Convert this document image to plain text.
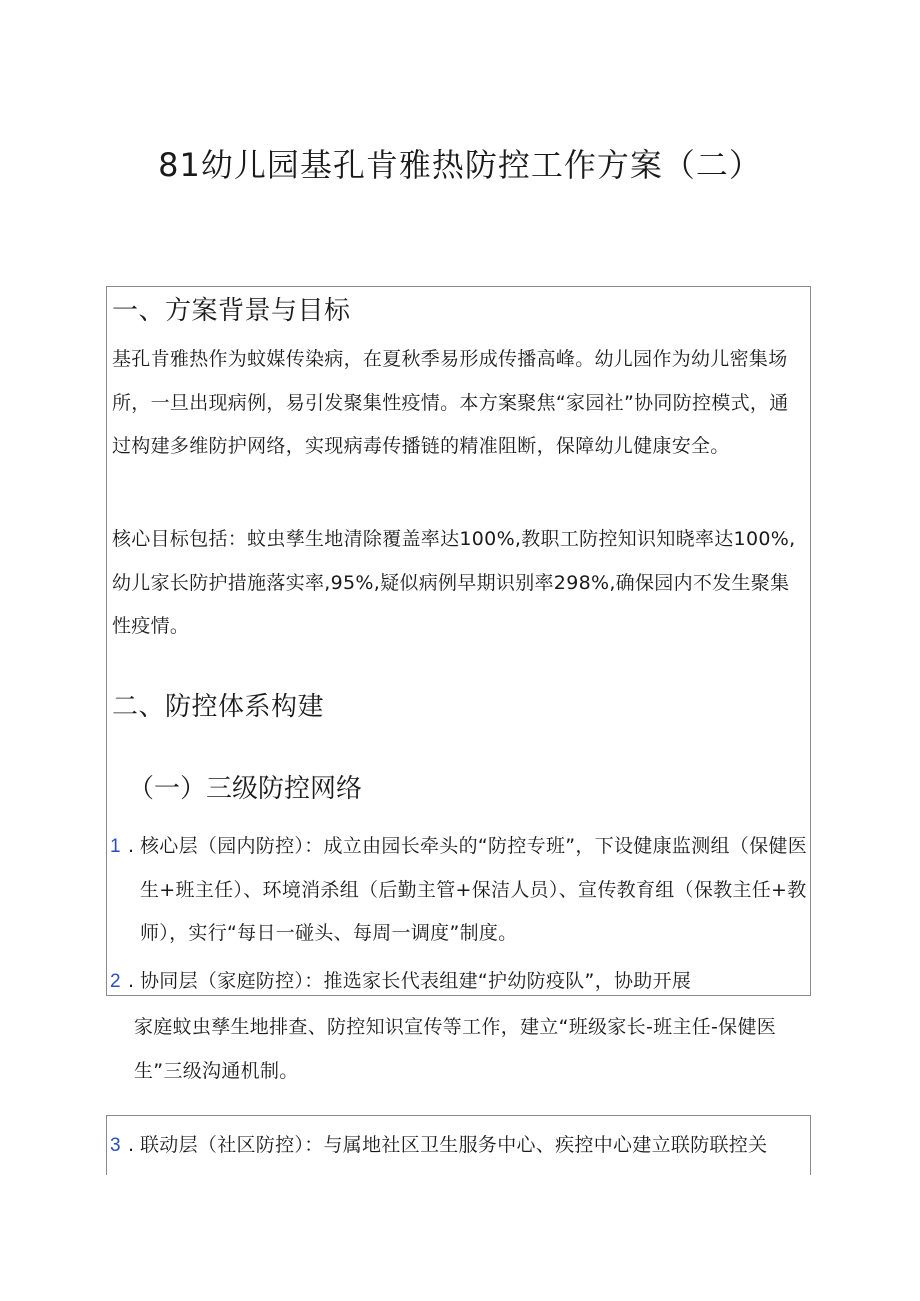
81幼儿园基孔肯雅热防控工作方案（二）
一、方案背景与目标

基孔肯雅热作为蚊媒传染病，在夏秋季易形成传播高峰。幼儿园作为幼儿密集场所，一旦出现病例，易引发聚集性疫情。本方案聚焦“家园社”协同防控模式，通过构建多维防护网络，实现病毒传播链的精准阻断，保障幼儿健康安全。

核心目标包括：蚊虫孳生地清除覆盖率达100%,教职工防控知识知晓率达100%,幼儿家长防护措施落实率,95%,疑似病例早期识别率298%,确保园内不发生聚集性疫情。

二、防控体系构建
（一）三级防控网络
1 . 核心层（园内防控）：成立由园长牵头的“防控专班”，下设健康监测组（保健医生+班主任）、环境消杀组（后勤主管+保洁人员）、宣传教育组（保教主任+教师），实行“每日一碰头、每周一调度”制度。

2 . 协同层（家庭防控）：推选家长代表组建“护幼防疫队”，协助开展

家庭蚊虫孳生地排查、防控知识宣传等工作，建立“班级家长-班主任-保健医生”三级沟通机制。

3 . 联动层（社区防控）：与属地社区卫生服务中心、疾控中心建立联防联控关
